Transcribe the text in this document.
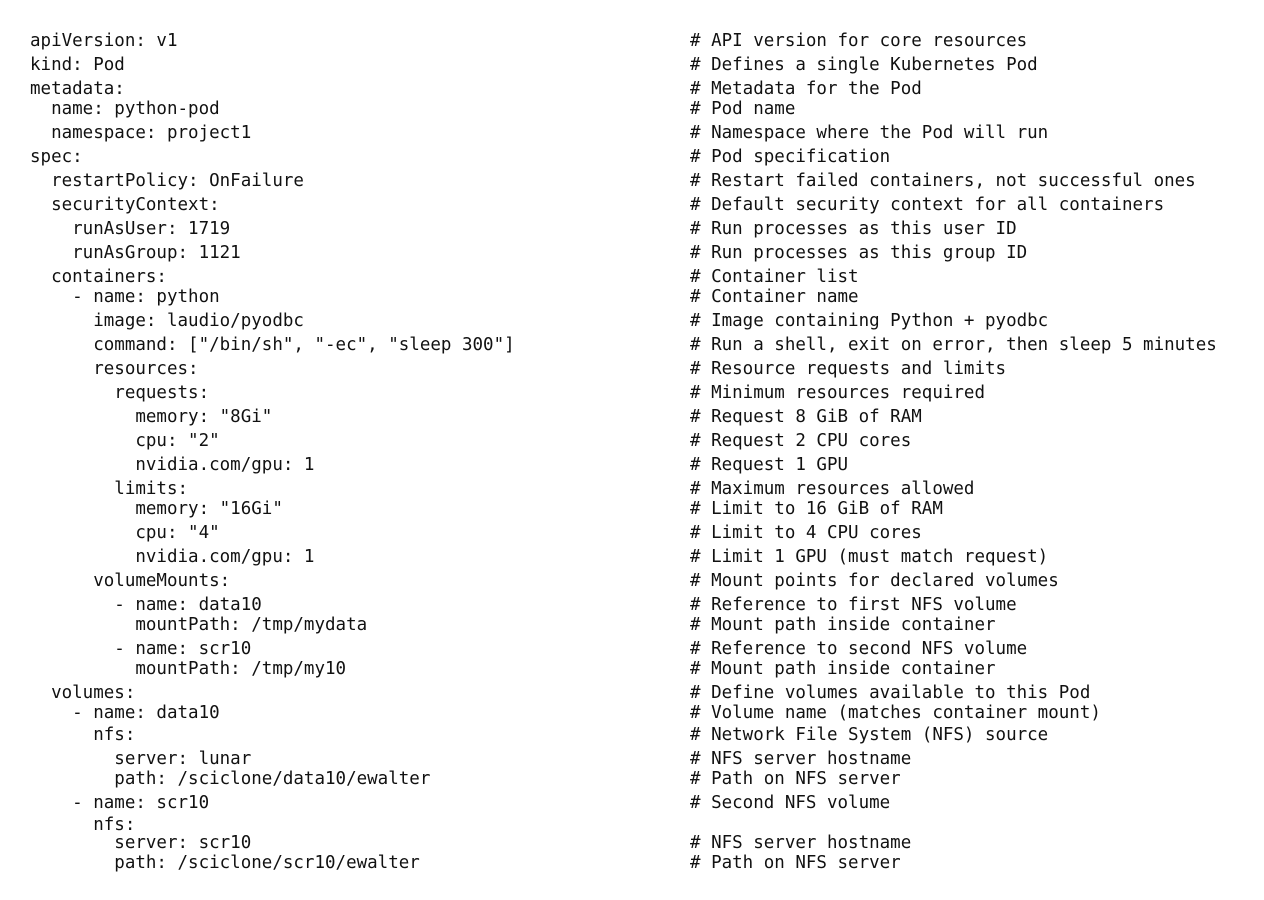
apiVersion: v1	# API version for core resources
kind: Pod	# Defines a single Kubernetes Pod
metadata:	# Metadata for the Pod
name: python-pod	# Pod name
namespace: project1	# Namespace where the Pod will run
spec:	# Pod specification
restartPolicy: OnFailure	# Restart failed containers, not successful ones
securityContext:	# Default security context for all containers
runAsUser: 1719	# Run processes as this user ID
runAsGroup: 1121	# Run processes as this group ID
containers:	# Container list
- name: python	# Container name
image: laudio/pyodbc	# Image containing Python + pyodbc
command: ["/bin/sh", "-ec", "sleep 300"]	# Run a shell, exit on error, then sleep 5 minutes
resources:	# Resource requests and limits
requests:	# Minimum resources required
memory: "8Gi"	# Request 8 GiB of RAM
cpu: "2"	# Request 2 CPU cores
nvidia.com/gpu: 1	# Request 1 GPU
limits:	# Maximum resources allowed
memory: "16Gi"	# Limit to 16 GiB of RAM
cpu: "4"	# Limit to 4 CPU cores
nvidia.com/gpu: 1	# Limit 1 GPU (must match request)
volumeMounts:	# Mount points for declared volumes
- name: data10	# Reference to first NFS volume
mountPath: /tmp/mydata	# Mount path inside container
- name: scr10	# Reference to second NFS volume
mountPath: /tmp/my10	# Mount path inside container
volumes:	# Define volumes available to this Pod
- name: data10	# Volume name (matches container mount)
nfs:	# Network File System (NFS) source
server: lunar	# NFS server hostname
path: /sciclone/data10/ewalter	# Path on NFS server
- name: scr10	# Second NFS volume
nfs:
server: scr10	# NFS server hostname
path: /sciclone/scr10/ewalter	# Path on NFS server
